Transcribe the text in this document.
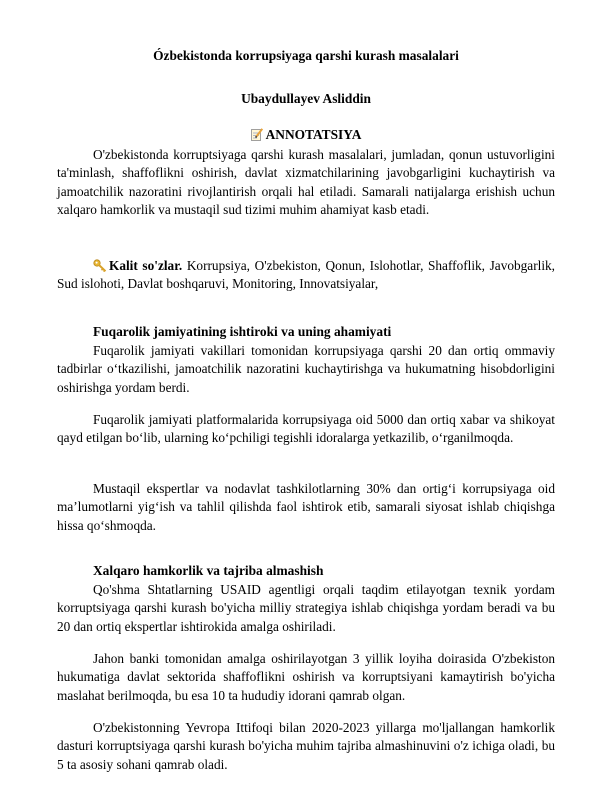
Ózbekistonda korrupsiyaga qarshi kurash masalalari
Ubaydullayev Asliddin
ANNOTATSIYA

O'zbekistonda korruptsiyaga qarshi kurash masalalari, jumladan, qonun ustuvorligini ta'minlash, shaffoflikni oshirish, davlat xizmatchilarining javobgarligini kuchaytirish va jamoatchilik nazoratini rivojlantirish orqali hal etiladi. Samarali natijalarga erishish uchun xalqaro hamkorlik va mustaqil sud tizimi muhim ahamiyat kasb etadi.

Kalit so'zlar. Korrupsiya, O'zbekiston, Qonun, Islohotlar, Shaffoflik, Javobgarlik, Sud islohoti, Davlat boshqaruvi, Monitoring, Innovatsiyalar,

Fuqarolik jamiyatining ishtiroki va uning ahamiyati

Fuqarolik jamiyati vakillari tomonidan korrupsiyaga qarshi 20 dan ortiq ommaviy tadbirlar o‘tkazilishi, jamoatchilik nazoratini kuchaytirishga va hukumatning hisobdorligini oshirishga yordam berdi.

Fuqarolik jamiyati platformalarida korrupsiyaga oid 5000 dan ortiq xabar va shikoyat qayd etilgan bo‘lib, ularning ko‘pchiligi tegishli idoralarga yetkazilib, o‘rganilmoqda.

Mustaqil ekspertlar va nodavlat tashkilotlarning 30% dan ortig‘i korrupsiyaga oid ma’lumotlarni yig‘ish va tahlil qilishda faol ishtirok etib, samarali siyosat ishlab chiqishga hissa qo‘shmoqda.

Xalqaro hamkorlik va tajriba almashish

Qo'shma Shtatlarning USAID agentligi orqali taqdim etilayotgan texnik yordam korruptsiyaga qarshi kurash bo'yicha milliy strategiya ishlab chiqishga yordam beradi va bu 20 dan ortiq ekspertlar ishtirokida amalga oshiriladi.

Jahon banki tomonidan amalga oshirilayotgan 3 yillik loyiha doirasida O'zbekiston hukumatiga davlat sektorida shaffoflikni oshirish va korruptsiyani kamaytirish bo'yicha maslahat berilmoqda, bu esa 10 ta hududiy idorani qamrab olgan.

O'zbekistonning Yevropa Ittifoqi bilan 2020-2023 yillarga mo'ljallangan hamkorlik dasturi korruptsiyaga qarshi kurash bo'yicha muhim tajriba almashinuvini o'z ichiga oladi, bu 5 ta asosiy sohani qamrab oladi.
